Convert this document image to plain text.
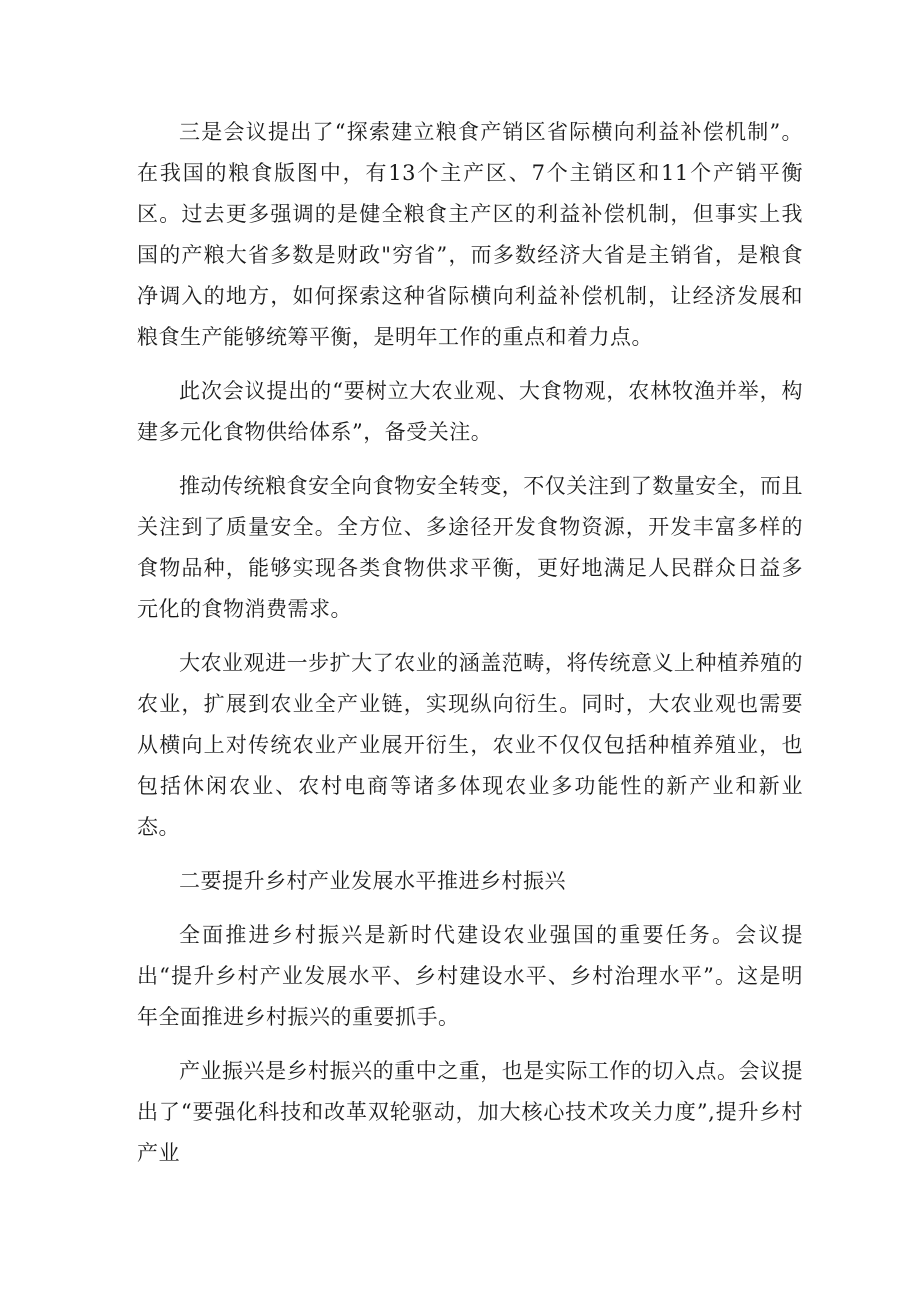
三是会议提出了“探索建立粮食产销区省际横向利益补偿机制”。在我国的粮食版图中，有13个主产区、7个主销区和11个产销平衡区。过去更多强调的是健全粮食主产区的利益补偿机制，但事实上我国的产粮大省多数是财政"穷省”，而多数经济大省是主销省，是粮食净调入的地方，如何探索这种省际横向利益补偿机制，让经济发展和粮食生产能够统筹平衡，是明年工作的重点和着力点。

此次会议提出的“要树立大农业观、大食物观，农林牧渔并举，构建多元化食物供给体系”，备受关注。

推动传统粮食安全向食物安全转变，不仅关注到了数量安全，而且关注到了质量安全。全方位、多途径开发食物资源，开发丰富多样的食物品种，能够实现各类食物供求平衡，更好地满足人民群众日益多元化的食物消费需求。

大农业观进一步扩大了农业的涵盖范畴，将传统意义上种植养殖的农业，扩展到农业全产业链，实现纵向衍生。同时，大农业观也需要从横向上对传统农业产业展开衍生，农业不仅仅包括种植养殖业，也包括休闲农业、农村电商等诸多体现农业多功能性的新产业和新业态。

二要提升乡村产业发展水平推进乡村振兴

全面推进乡村振兴是新时代建设农业强国的重要任务。会议提出“提升乡村产业发展水平、乡村建设水平、乡村治理水平”。这是明年全面推进乡村振兴的重要抓手。

产业振兴是乡村振兴的重中之重，也是实际工作的切入点。会议提出了“要强化科技和改革双轮驱动，加大核心技术攻关力度”,提升乡村产业
